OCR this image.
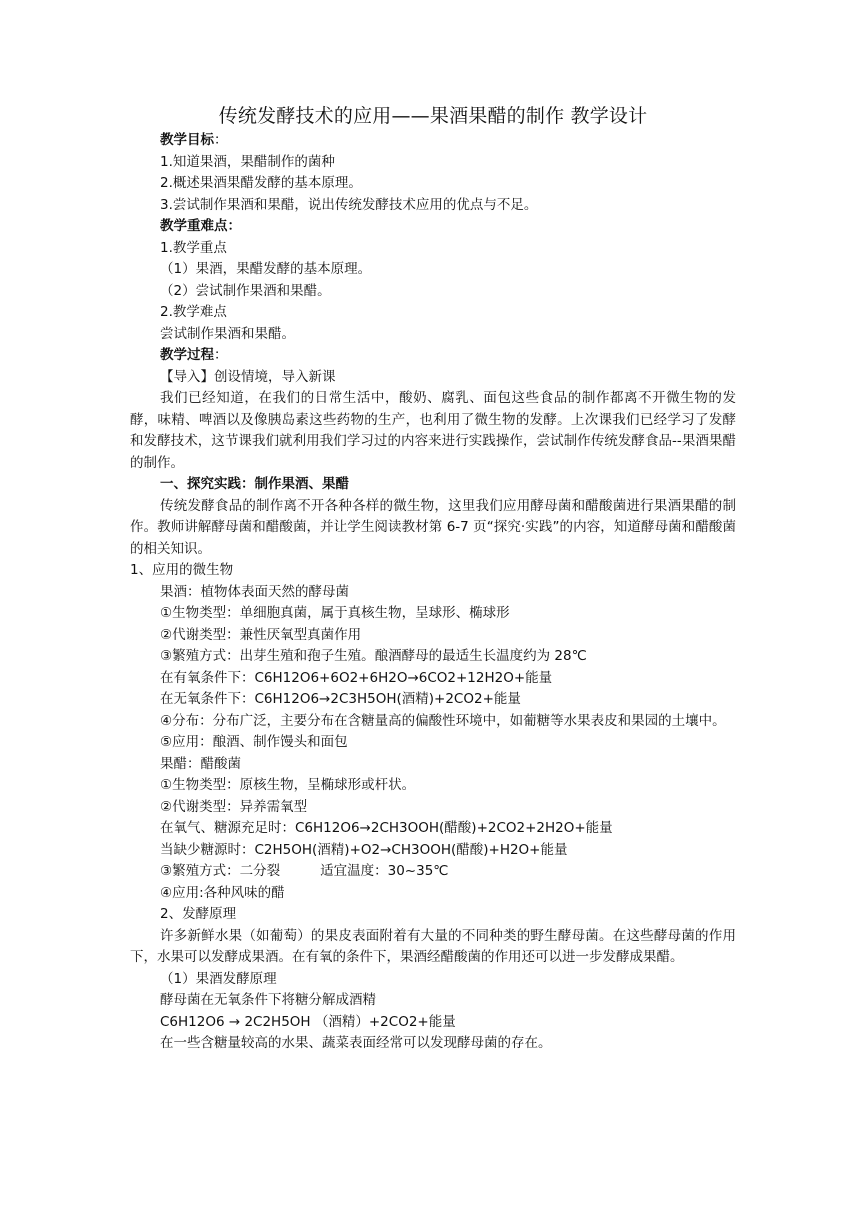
传统发酵技术的应用——果酒果醋的制作 教学设计

教学目标：

1.知道果酒，果醋制作的菌种

2.概述果酒果醋发酵的基本原理。

3.尝试制作果酒和果醋，说出传统发酵技术应用的优点与不足。

教学重难点：

1.教学重点

（1）果酒，果醋发酵的基本原理。

（2）尝试制作果酒和果醋。

2.教学难点

尝试制作果酒和果醋。

教学过程：

【导入】创设情境，导入新课

我们已经知道，在我们的日常生活中，酸奶、腐乳、面包这些食品的制作都离不开微生物的发酵，味精、啤酒以及像胰岛素这些药物的生产，也利用了微生物的发酵。上次课我们已经学习了发酵和发酵技术，这节课我们就利用我们学习过的内容来进行实践操作，尝试制作传统发酵食品--果酒果醋的制作。

一、探究实践：制作果酒、果醋

传统发酵食品的制作离不开各种各样的微生物，这里我们应用酵母菌和醋酸菌进行果酒果醋的制作。教师讲解酵母菌和醋酸菌，并让学生阅读教材第 6-7 页“探究·实践”的内容，知道酵母菌和醋酸菌的相关知识。

1、应用的微生物

果酒：植物体表面天然的酵母菌

①生物类型：单细胞真菌，属于真核生物，呈球形、椭球形

②代谢类型：兼性厌氧型真菌作用

③繁殖方式：出芽生殖和孢子生殖。酿酒酵母的最适生长温度约为 28℃

在有氧条件下：C6H12O6+6O2+6H2O→6CO2+12H2O+能量

在无氧条件下：C6H12O6→2C3H5OH(酒精)+2CO2+能量

④分布：分布广泛，主要分布在含糖量高的偏酸性环境中，如葡糖等水果表皮和果园的土壤中。

⑤应用：酿酒、制作馒头和面包

果醋：醋酸菌

①生物类型：原核生物，呈椭球形或杆状。

②代谢类型：异养需氧型

在氧气、糖源充足时：C6H12O6→2CH3OOH(醋酸)+2CO2+2H2O+能量

当缺少糖源时：C2H5OH(酒精)+O2→CH3OOH(醋酸)+H2O+能量

③繁殖方式：二分裂	适宜温度：30~35℃

④应用:各种风味的醋

2、发酵原理

许多新鲜水果（如葡萄）的果皮表面附着有大量的不同种类的野生酵母菌。在这些酵母菌的作用下，水果可以发酵成果酒。在有氧的条件下，果酒经醋酸菌的作用还可以进一步发酵成果醋。

（1）果酒发酵原理

酵母菌在无氧条件下将糖分解成酒精

C6H12O6 → 2C2H5OH （酒精）+2CO2+能量

在一些含糖量较高的水果、蔬菜表面经常可以发现酵母菌的存在。
